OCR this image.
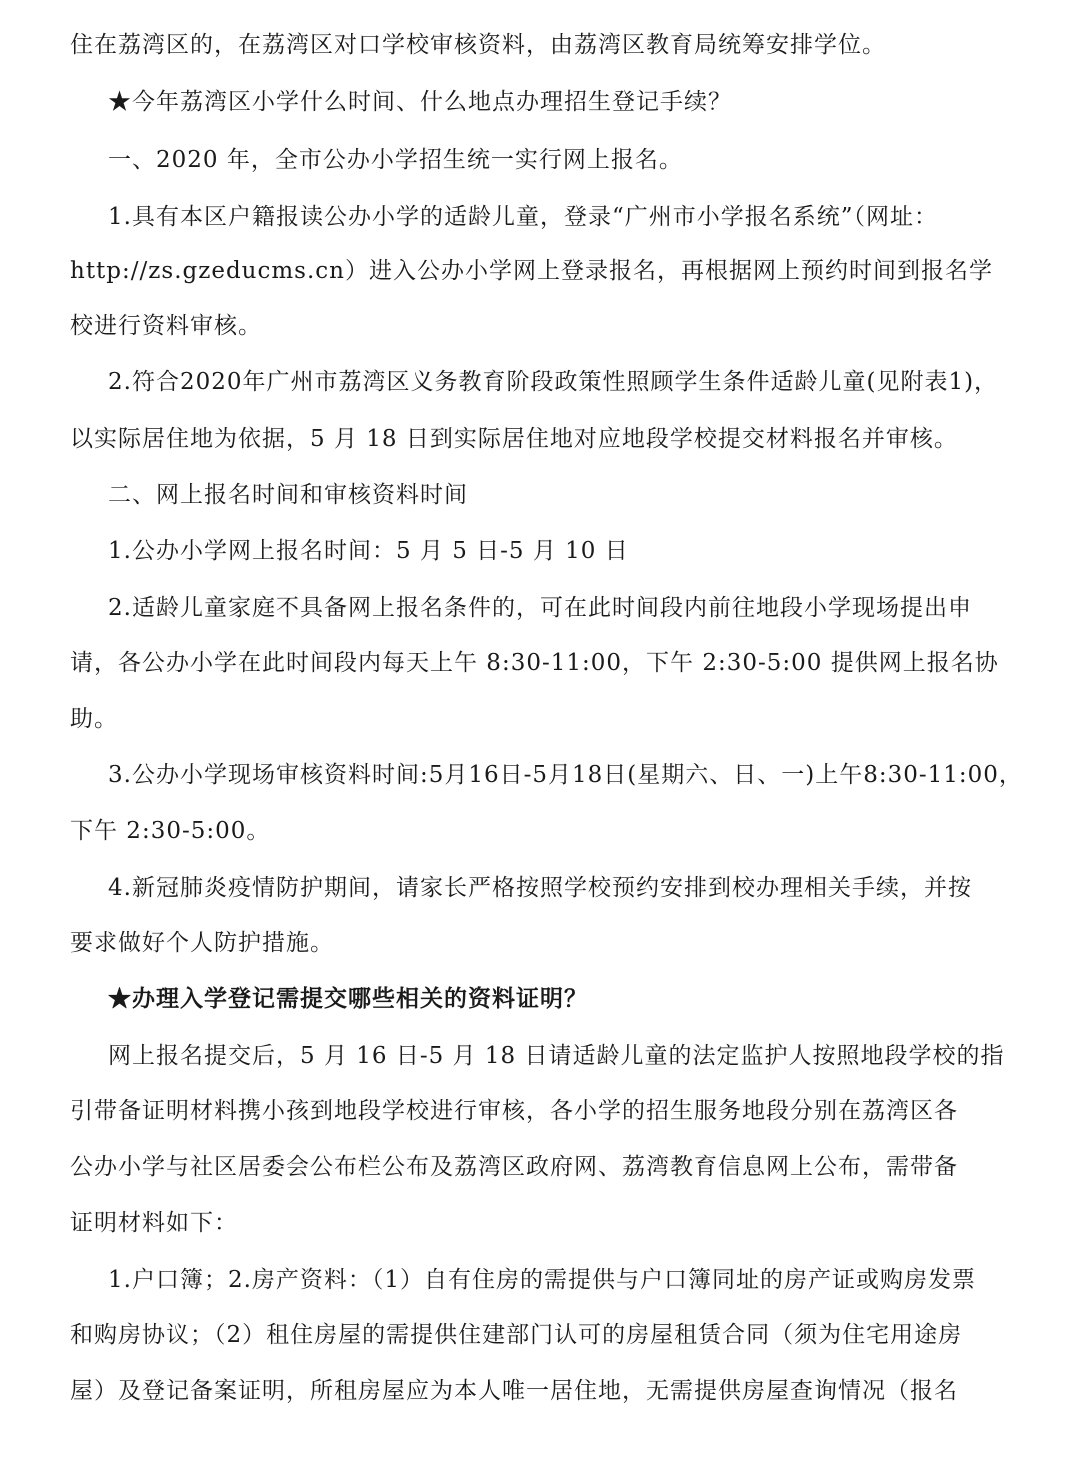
住在荔湾区的，在荔湾区对口学校审核资料，由荔湾区教育局统筹安排学位。
★今年荔湾区小学什么时间、什么地点办理招生登记手续？
一、2020 年，全市公办小学招生统一实行网上报名。
1.具有本区户籍报读公办小学的适龄儿童，登录“广州市小学报名系统”（网址：
http://zs.gzeducms.cn）进入公办小学网上登录报名，再根据网上预约时间到报名学
校进行资料审核。
2.符合2020年广州市荔湾区义务教育阶段政策性照顾学生条件适龄儿童(见附表1)，
以实际居住地为依据，5 月 18 日到实际居住地对应地段学校提交材料报名并审核。
二、网上报名时间和审核资料时间
1.公办小学网上报名时间：5 月 5 日-5 月 10 日
2.适龄儿童家庭不具备网上报名条件的，可在此时间段内前往地段小学现场提出申
请，各公办小学在此时间段内每天上午 8:30-11:00，下午 2:30-5:00 提供网上报名协
助。
3.公办小学现场审核资料时间:5月16日-5月18日(星期六、日、一)上午8:30-11:00，
下午 2:30-5:00。
4.新冠肺炎疫情防护期间，请家长严格按照学校预约安排到校办理相关手续，并按
要求做好个人防护措施。
★办理入学登记需提交哪些相关的资料证明？
网上报名提交后，5 月 16 日-5 月 18 日请适龄儿童的法定监护人按照地段学校的指
引带备证明材料携小孩到地段学校进行审核，各小学的招生服务地段分别在荔湾区各
公办小学与社区居委会公布栏公布及荔湾区政府网、荔湾教育信息网上公布，需带备
证明材料如下：
1.户口簿；2.房产资料：（1）自有住房的需提供与户口簿同址的房产证或购房发票
和购房协议；（2）租住房屋的需提供住建部门认可的房屋租赁合同（须为住宅用途房
屋）及登记备案证明，所租房屋应为本人唯一居住地，无需提供房屋查询情况（报名
